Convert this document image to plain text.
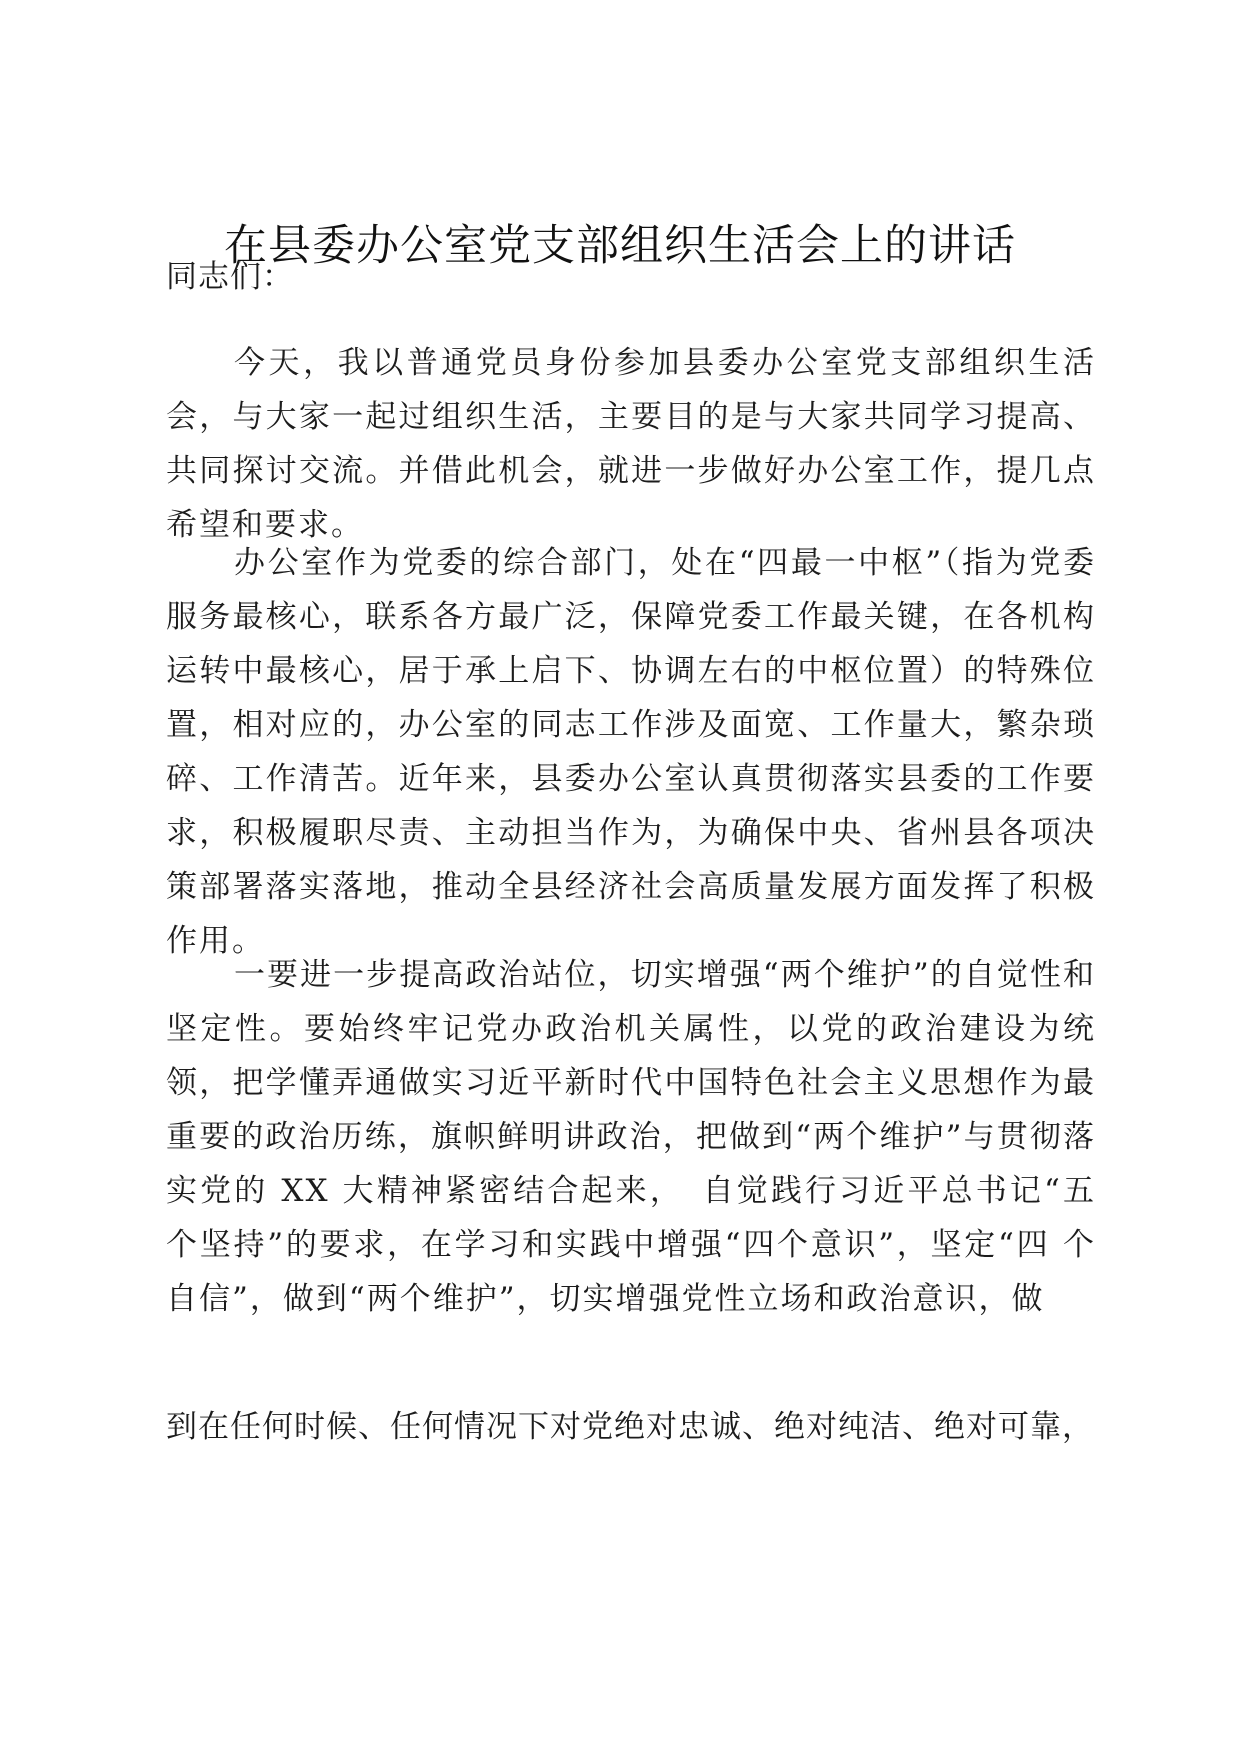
在县委办公室党支部组织生活会上的讲话
同志们：

今天，我以普通党员身份参加县委办公室党支部组织生活会，与大家一起过组织生活，主要目的是与大家共同学习提高、共同探讨交流。并借此机会，就进一步做好办公室工作，提几点希望和要求。

办公室作为党委的综合部门，处在“四最一中枢”（指为党委服务最核心，联系各方最广泛，保障党委工作最关键，在各机构运转中最核心，居于承上启下、协调左右的中枢位置）的特殊位置，相对应的，办公室的同志工作涉及面宽、工作量大，繁杂琐碎、工作清苦。近年来，县委办公室认真贯彻落实县委的工作要求，积极履职尽责、主动担当作为，为确保中央、省州县各项决策部署落实落地，推动全县经济社会高质量发展方面发挥了积极作用。

一要进一步提高政治站位，切实增强“两个维护”的自觉性和坚定性。要始终牢记党办政治机关属性，以党的政治建设为统领，把学懂弄通做实习近平新时代中国特色社会主义思想作为最重要的政治历练，旗帜鲜明讲政治，把做到“两个维护”与贯彻落实党的 XX 大精神紧密结合起来，　自觉践行习近平总书记“五 个坚持”的要求，在学习和实践中增强“四个意识”，坚定“四 个自信”，做到“两个维护”，切实增强党性立场和政治意识，做

到在任何时候、任何情况下对党绝对忠诚、绝对纯洁、绝对可靠，
